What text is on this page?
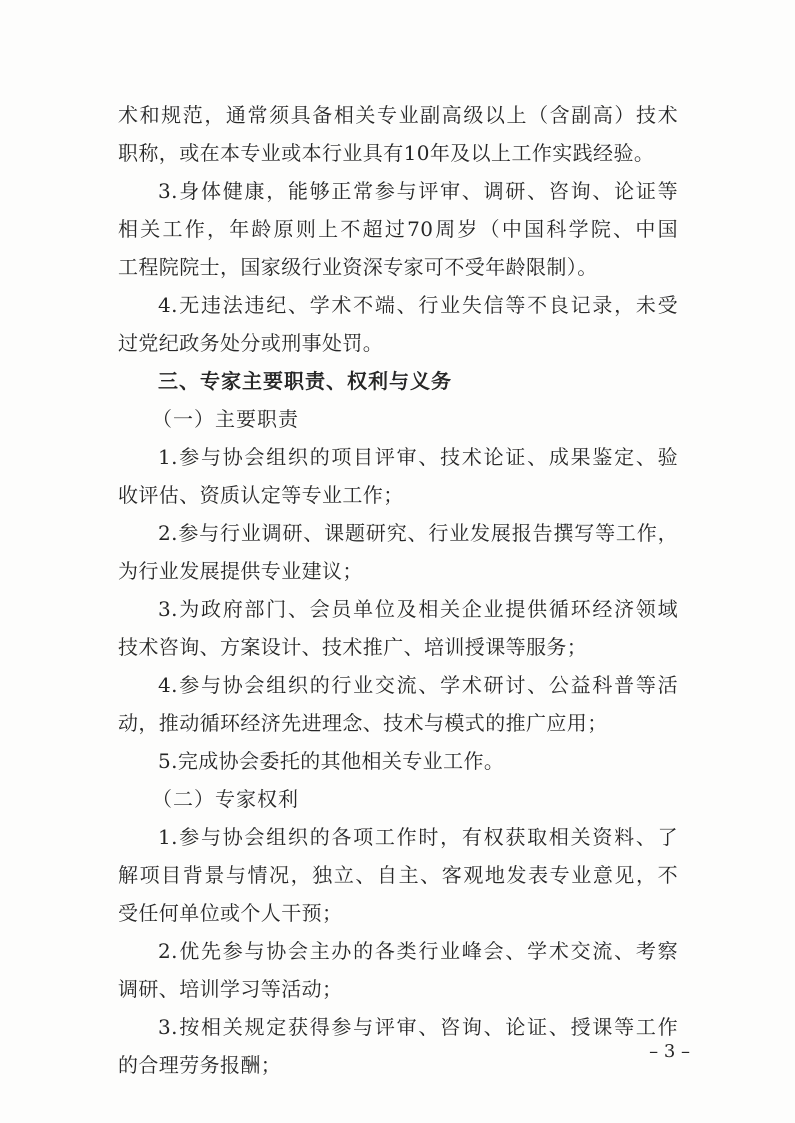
术和规范，通常须具备相关专业副高级以上（含副高）技术
职称，或在本专业或本行业具有10年及以上工作实践经验。
3.身体健康，能够正常参与评审、调研、咨询、论证等
相关工作，年龄原则上不超过70周岁（中国科学院、中国
工程院院士，国家级行业资深专家可不受年龄限制）。
4.无违法违纪、学术不端、行业失信等不良记录，未受
过党纪政务处分或刑事处罚。
三、专家主要职责、权利与义务
（一）主要职责
1.参与协会组织的项目评审、技术论证、成果鉴定、验
收评估、资质认定等专业工作；
2.参与行业调研、课题研究、行业发展报告撰写等工作，
为行业发展提供专业建议；
3.为政府部门、会员单位及相关企业提供循环经济领域
技术咨询、方案设计、技术推广、培训授课等服务；
4.参与协会组织的行业交流、学术研讨、公益科普等活
动，推动循环经济先进理念、技术与模式的推广应用；
5.完成协会委托的其他相关专业工作。
（二）专家权利
1.参与协会组织的各项工作时，有权获取相关资料、了
解项目背景与情况，独立、自主、客观地发表专业意见，不
受任何单位或个人干预；
2.优先参与协会主办的各类行业峰会、学术交流、考察
调研、培训学习等活动；
3.按相关规定获得参与评审、咨询、论证、授课等工作
的合理劳务报酬；
– 3 –
